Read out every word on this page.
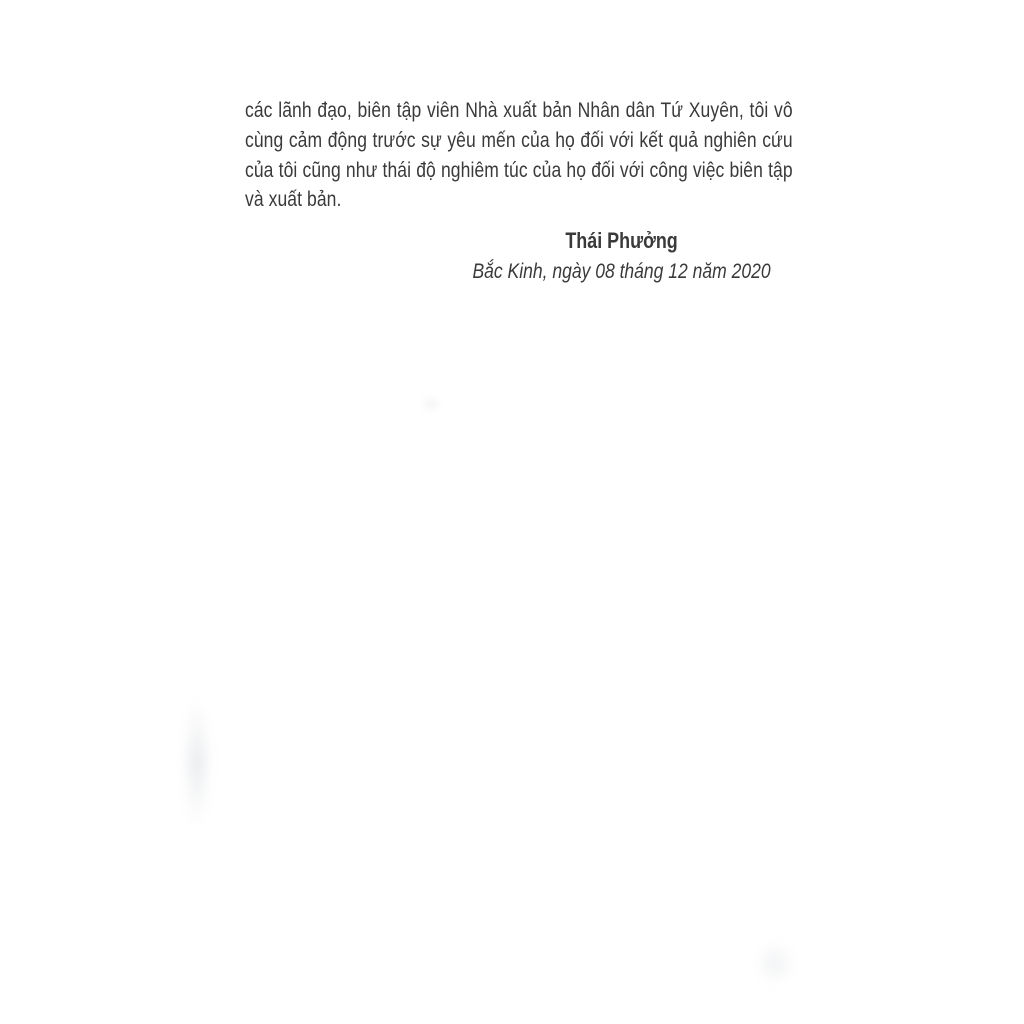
các lãnh đạo, biên tập viên Nhà xuất bản Nhân dân Tứ Xuyên, tôi vô cùng cảm động trước sự yêu mến của họ đối với kết quả nghiên cứu của tôi cũng như thái độ nghiêm túc của họ đối với công việc biên tập và xuất bản.

Thái Phưởng
Bắc Kinh, ngày 08 tháng 12 năm 2020
